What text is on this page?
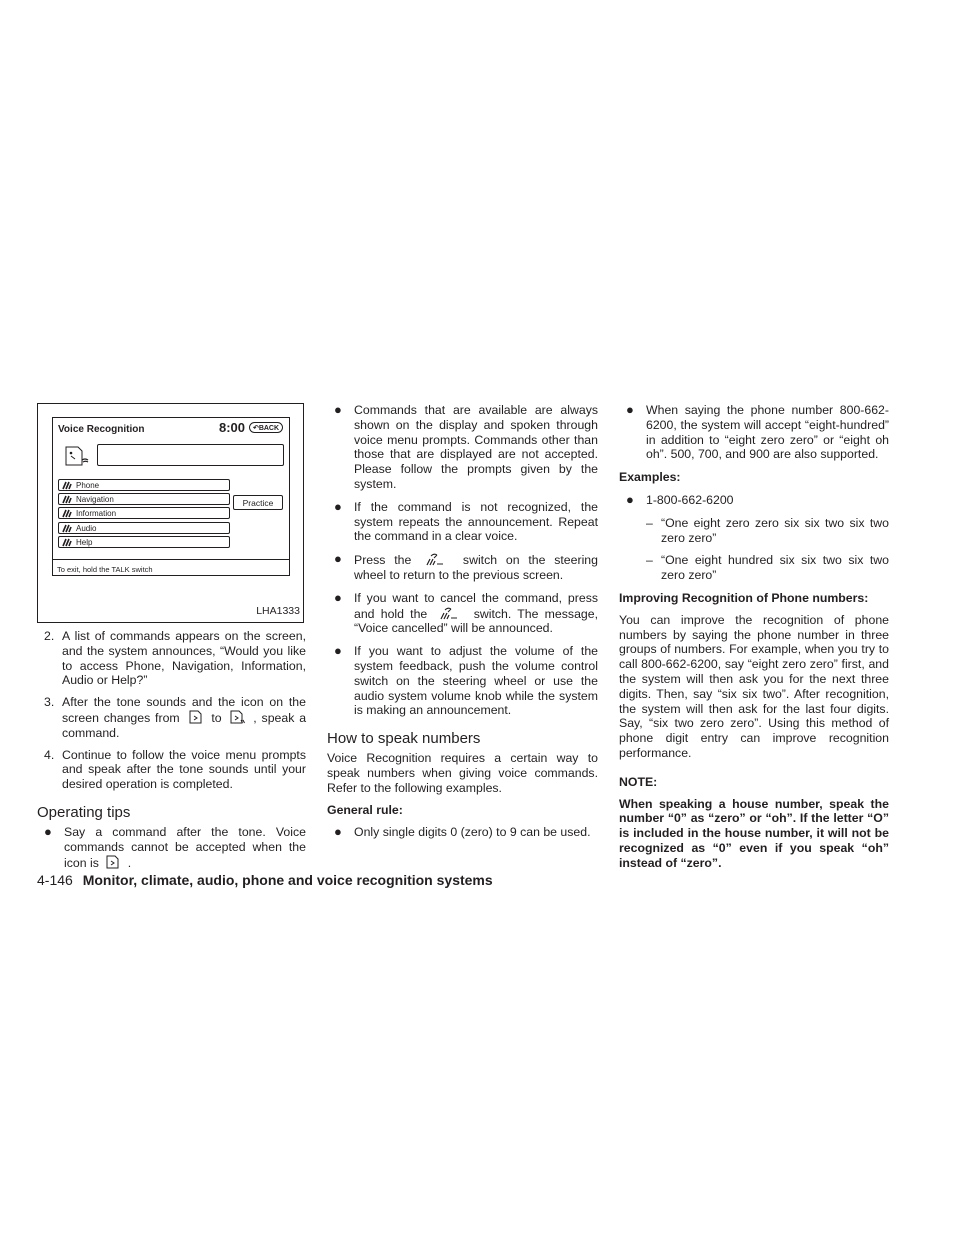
Voice Recognition	8:00	↶BACK
Phone
Navigation
Information
Audio
Help
Practice
To exit, hold the TALK switch
LHA1333
2. A list of commands appears on the screen, and the system announces, “Would you like to access Phone, Navigation, Information, Audio or Help?”
3. After the tone sounds and the icon on the screen changes from	to	, speak a command.
4. Continue to follow the voice menu prompts and speak after the tone sounds until your desired operation is completed.

Operating tips

● Say a command after the tone. Voice commands cannot be accepted when the icon is .
● Commands that are available are always shown on the display and spoken through voice menu prompts. Commands other than those that are displayed are not accepted. Please follow the prompts given by the system.
● If the command is not recognized, the system repeats the announcement. Repeat the command in a clear voice.
● Press the	switch on the steering wheel to return to the previous screen.
● If you want to cancel the command, press and hold the	switch. The message, “Voice cancelled” will be announced.
● If you want to adjust the volume of the system feedback, push the volume control switch on the steering wheel or use the audio system volume knob while the system is making an announcement.

How to speak numbers

Voice Recognition requires a certain way to speak numbers when giving voice commands. Refer to the following examples.

General rule:

● Only single digits 0 (zero) to 9 can be used.
● When saying the phone number 800-662-6200, the system will accept “eight-hundred” in addition to “eight zero zero” or “eight oh oh”. 500, 700, and 900 are also supported.

Examples:

● 1-800-662-6200
– “One eight zero zero six six two six two zero zero”
– “One eight hundred six six two six two zero zero”

Improving Recognition of Phone numbers:

You can improve the recognition of phone numbers by saying the phone number in three groups of numbers. For example, when you try to call 800-662-6200, say “eight zero zero” first, and the system will then ask you for the next three digits. Then, say “six six two”. After recognition, the system will then ask for the last four digits. Say, “six two zero zero”. Using this method of phone digit entry can improve recognition performance.

NOTE:

When speaking a house number, speak the number “0” as “zero” or “oh”. If the letter “O” is included in the house number, it will not be recognized as “0” even if you speak “oh” instead of “zero”.

4-146 Monitor, climate, audio, phone and voice recognition systems
